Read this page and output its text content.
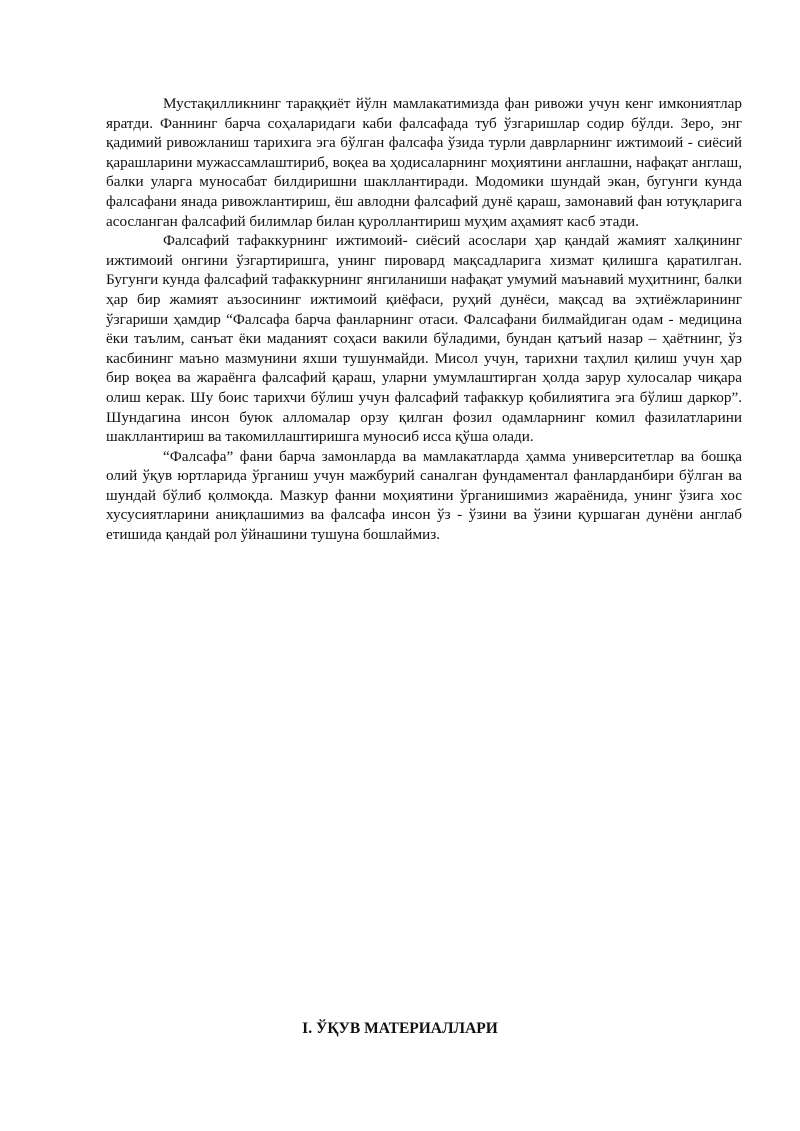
Мустақилликнинг тараққиёт йўлн мамлакатимизда фан ривожи учун кенг имкониятлар яратди. Фаннинг барча соҳаларидаги каби фалсафада туб ўзгаришлар содир бўлди. Зеро, энг қадимий ривожланиш тарихига эга бўлган фалсафа ўзида турли даврларнинг ижтимоий - сиёсий қарашларини мужассамлаштириб, воқеа ва ҳодисаларнинг моҳиятини англашни, нафақат англаш, балки уларга муносабат билдиришни шакллантиради. Модомики шундай экан, бугунги кунда фалсафани янада ривожлантириш, ёш авлодни фалсафий дунё қараш, замонавий фан ютуқларига асосланган фалсафий билимлар билан қуроллантириш муҳим аҳамият касб этади.

Фалсафий тафаккурнинг ижтимоий- сиёсий асослари ҳар қандай жамият халқининг ижтимоий онгини ўзгартиришга, унинг пировард мақсадларига хизмат қилишга қаратилган. Бугунги кунда фалсафий тафаккурнинг янгиланиши нафақат умумий маънавий муҳитнинг, балки ҳар бир жамият аъзосининг ижтимоий қиёфаси, руҳий дунёси, мақсад ва эҳтиёжларининг ўзгариши ҳамдир “Фалсафа барча фанларнинг отаси. Фалсафани билмайдиган одам - медицина ёки таълим, санъат ёки маданият соҳаси вакили бўладими, бундан қатъий назар – ҳаётнинг, ўз касбининг маъно мазмунини яхши тушунмайди. Мисол учун, тарихни таҳлил қилиш учун ҳар бир воқеа ва жараёнга фалсафий қараш, уларни умумлаштирган ҳолда зарур хулосалар чиқара олиш керак. Шу боис тарихчи бўлиш учун фалсафий тафаккур қобилиятига эга бўлиш даркор”. Шундагина инсон буюк алломалар орзу қилган фозил одамларнинг комил фазилатларини шакллантириш ва такомиллаштиришга муносиб исса қўша олади.

“Фалсафа” фани барча замонларда ва мамлакатларда ҳамма университетлар ва бошқа олий ўқув юртларида ўрганиш учун мажбурий саналган фундаментал фанларданбири бўлган ва шундай бўлиб қолмоқда. Мазкур фанни моҳиятини ўрганишимиз жараёнида, унинг ўзига хос хусусиятларини аниқлашимиз ва фалсафа инсон ўз - ўзини ва ўзини қуршаган дунёни англаб етишида қандай рол ўйнашини тушуна бошлаймиз.

I. ЎҚУВ МАТЕРИАЛЛАРИ
